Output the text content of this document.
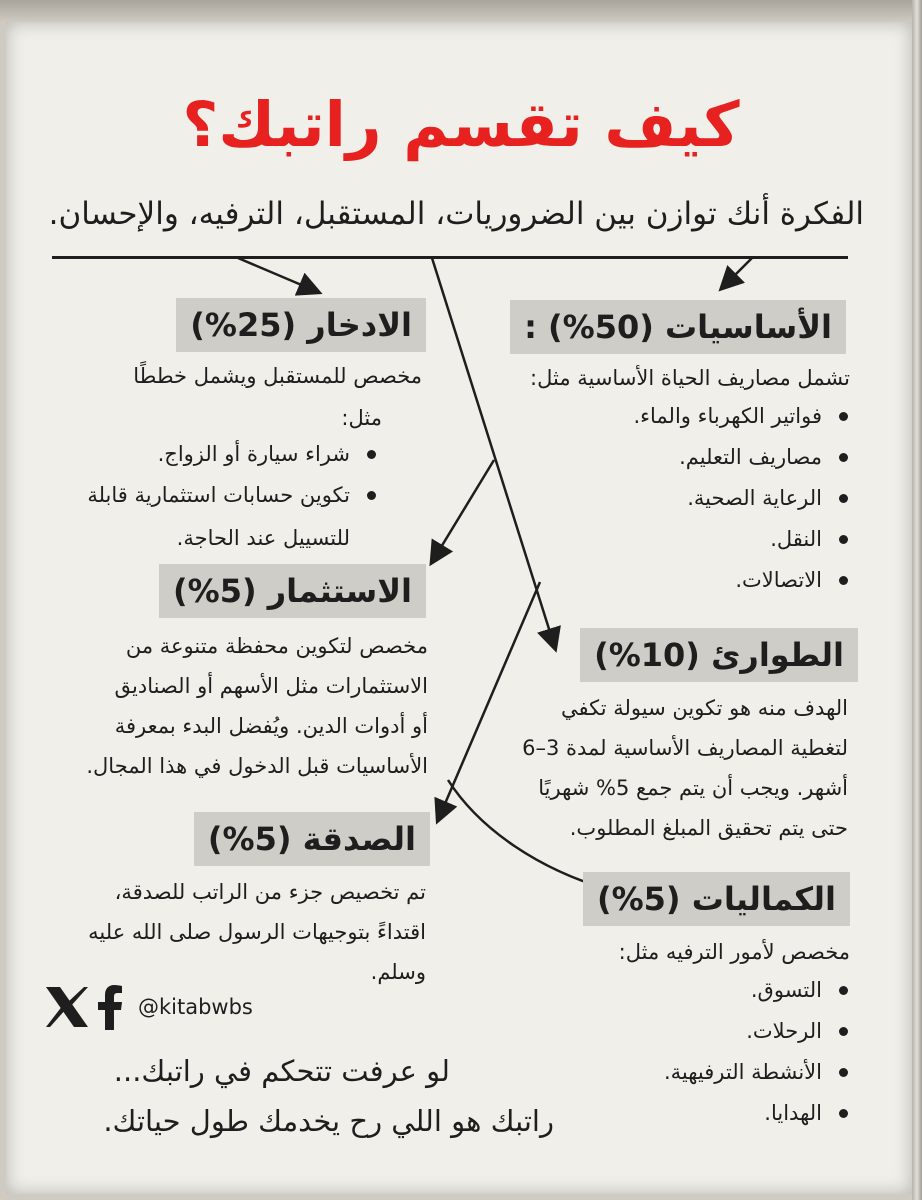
كيف تقسم راتبك؟
الفكرة أنك توازن بين الضروريات، المستقبل، الترفيه، والإحسان.
الأساسيات (50%) :
تشمل مصاريف الحياة الأساسية مثل:
فواتير الكهرباء والماء.
مصاريف التعليم.
الرعاية الصحية.
النقل.
الاتصالات.
الادخار (25%)
مخصص للمستقبل ويشمل خططًا
مثل:
شراء سيارة أو الزواج.
تكوين حسابات استثمارية قابلة
للتسييل عند الحاجة.
الاستثمار (5%)
مخصص لتكوين محفظة متنوعة من
الاستثمارات مثل الأسهم أو الصناديق
أو أدوات الدين. ويُفضل البدء بمعرفة
الأساسيات قبل الدخول في هذا المجال.
الطوارئ (10%)
الهدف منه هو تكوين سيولة تكفي
لتغطية المصاريف الأساسية لمدة 3–6
أشهر. ويجب أن يتم جمع 5% شهريًا
حتى يتم تحقيق المبلغ المطلوب.
الصدقة (5%)
تم تخصيص جزء من الراتب للصدقة،
اقتداءً بتوجيهات الرسول صلى الله عليه
وسلم.
الكماليات (5%)
مخصص لأمور الترفيه مثل:
التسوق.
الرحلات.
الأنشطة الترفيهية.
الهدايا.
@kitabwbs
لو عرفت تتحكم في راتبك...
راتبك هو اللي رح يخدمك طول حياتك.
